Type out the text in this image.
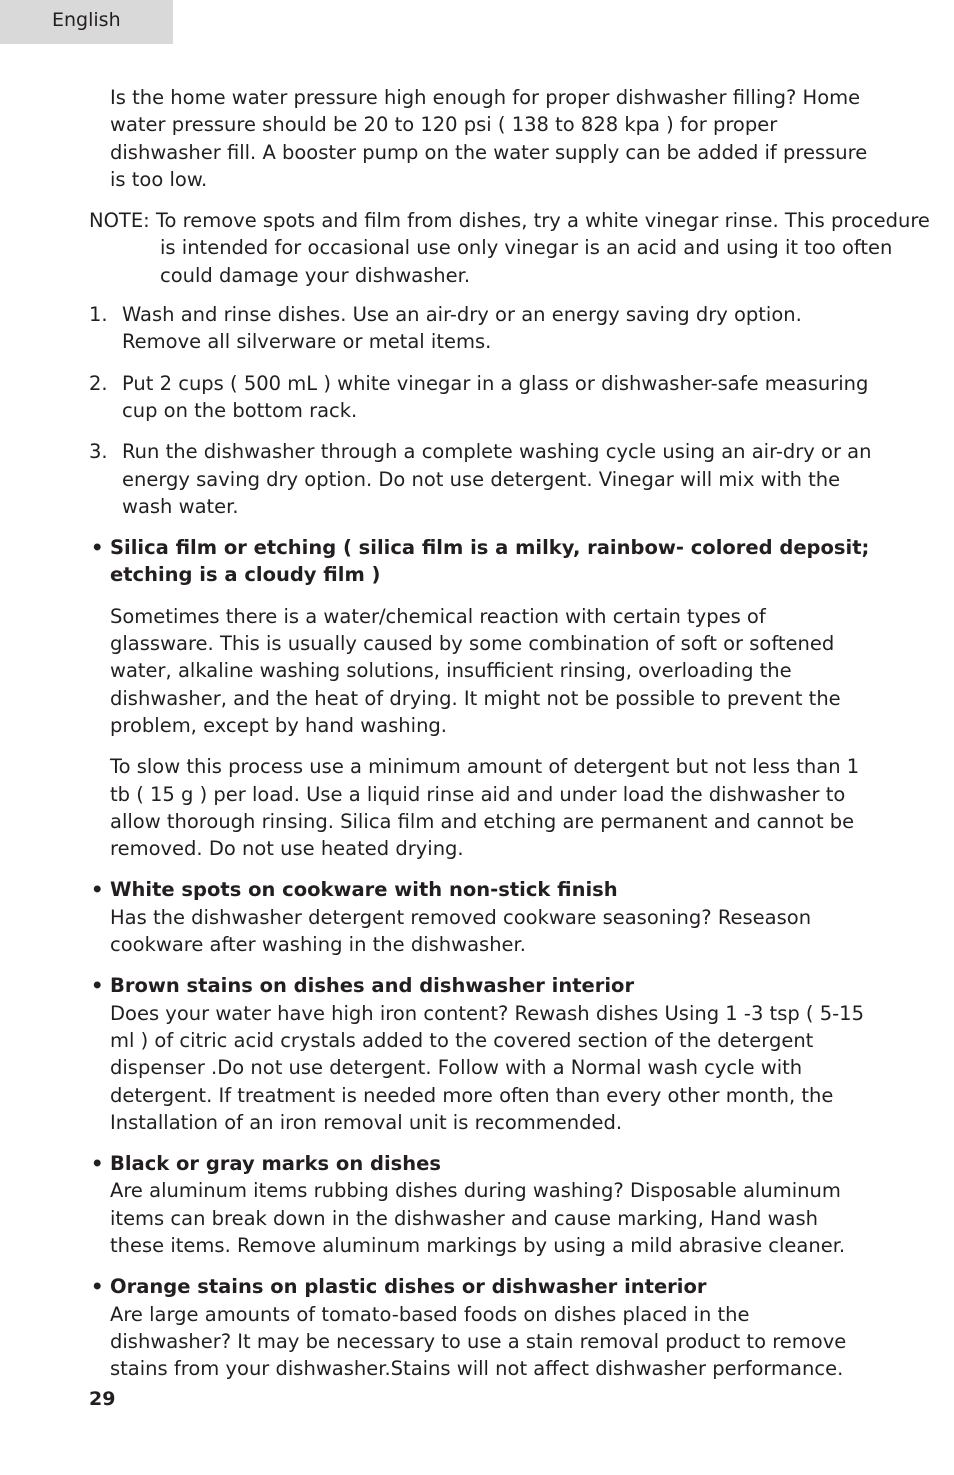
English

Is the home water pressure high enough for proper dishwasher filling? Home water pressure should be 20 to 120 psi ( 138 to 828 kpa ) for proper dishwasher fill. A booster pump on the water supply can be added if pressure is too low.

NOTE: To remove spots and film from dishes, try a white vinegar rinse. This procedure is intended for occasional use only vinegar is an acid and using it too often could damage your dishwasher.

1. Wash and rinse dishes. Use an air-dry or an energy saving dry option. Remove all silverware or metal items.
2. Put 2 cups ( 500 mL ) white vinegar in a glass or dishwasher-safe measuring cup on the bottom rack.
3. Run the dishwasher through a complete washing cycle using an air-dry or an energy saving dry option. Do not use detergent. Vinegar will mix with the wash water.
• Silica film or etching ( silica film is a milky, rainbow- colored deposit; etching is a cloudy film )

Sometimes there is a water/chemical reaction with certain types of glassware. This is usually caused by some combination of soft or softened water, alkaline washing solutions, insufficient rinsing, overloading the dishwasher, and the heat of drying. It might not be possible to prevent the problem, except by hand washing.

To slow this process use a minimum amount of detergent but not less than 1 tb ( 15 g ) per load. Use a liquid rinse aid and under load the dishwasher to allow thorough rinsing. Silica film and etching are permanent and cannot be removed. Do not use heated drying.

• White spots on cookware with non-stick finish
Has the dishwasher detergent removed cookware seasoning? Reseason cookware after washing in the dishwasher.
• Brown stains on dishes and dishwasher interior
Does your water have high iron content? Rewash dishes Using 1 -3 tsp ( 5-15 ml ) of citric acid crystals added to the covered section of the detergent dispenser .Do not use detergent. Follow with a Normal wash cycle with detergent. If treatment is needed more often than every other month, the Installation of an iron removal unit is recommended.
• Black or gray marks on dishes
Are aluminum items rubbing dishes during washing? Disposable aluminum items can break down in the dishwasher and cause marking, Hand wash these items. Remove aluminum markings by using a mild abrasive cleaner.
• Orange stains on plastic dishes or dishwasher interior
Are large amounts of tomato-based foods on dishes placed in the dishwasher? It may be necessary to use a stain removal product to remove stains from your dishwasher.Stains will not affect dishwasher performance.
29
